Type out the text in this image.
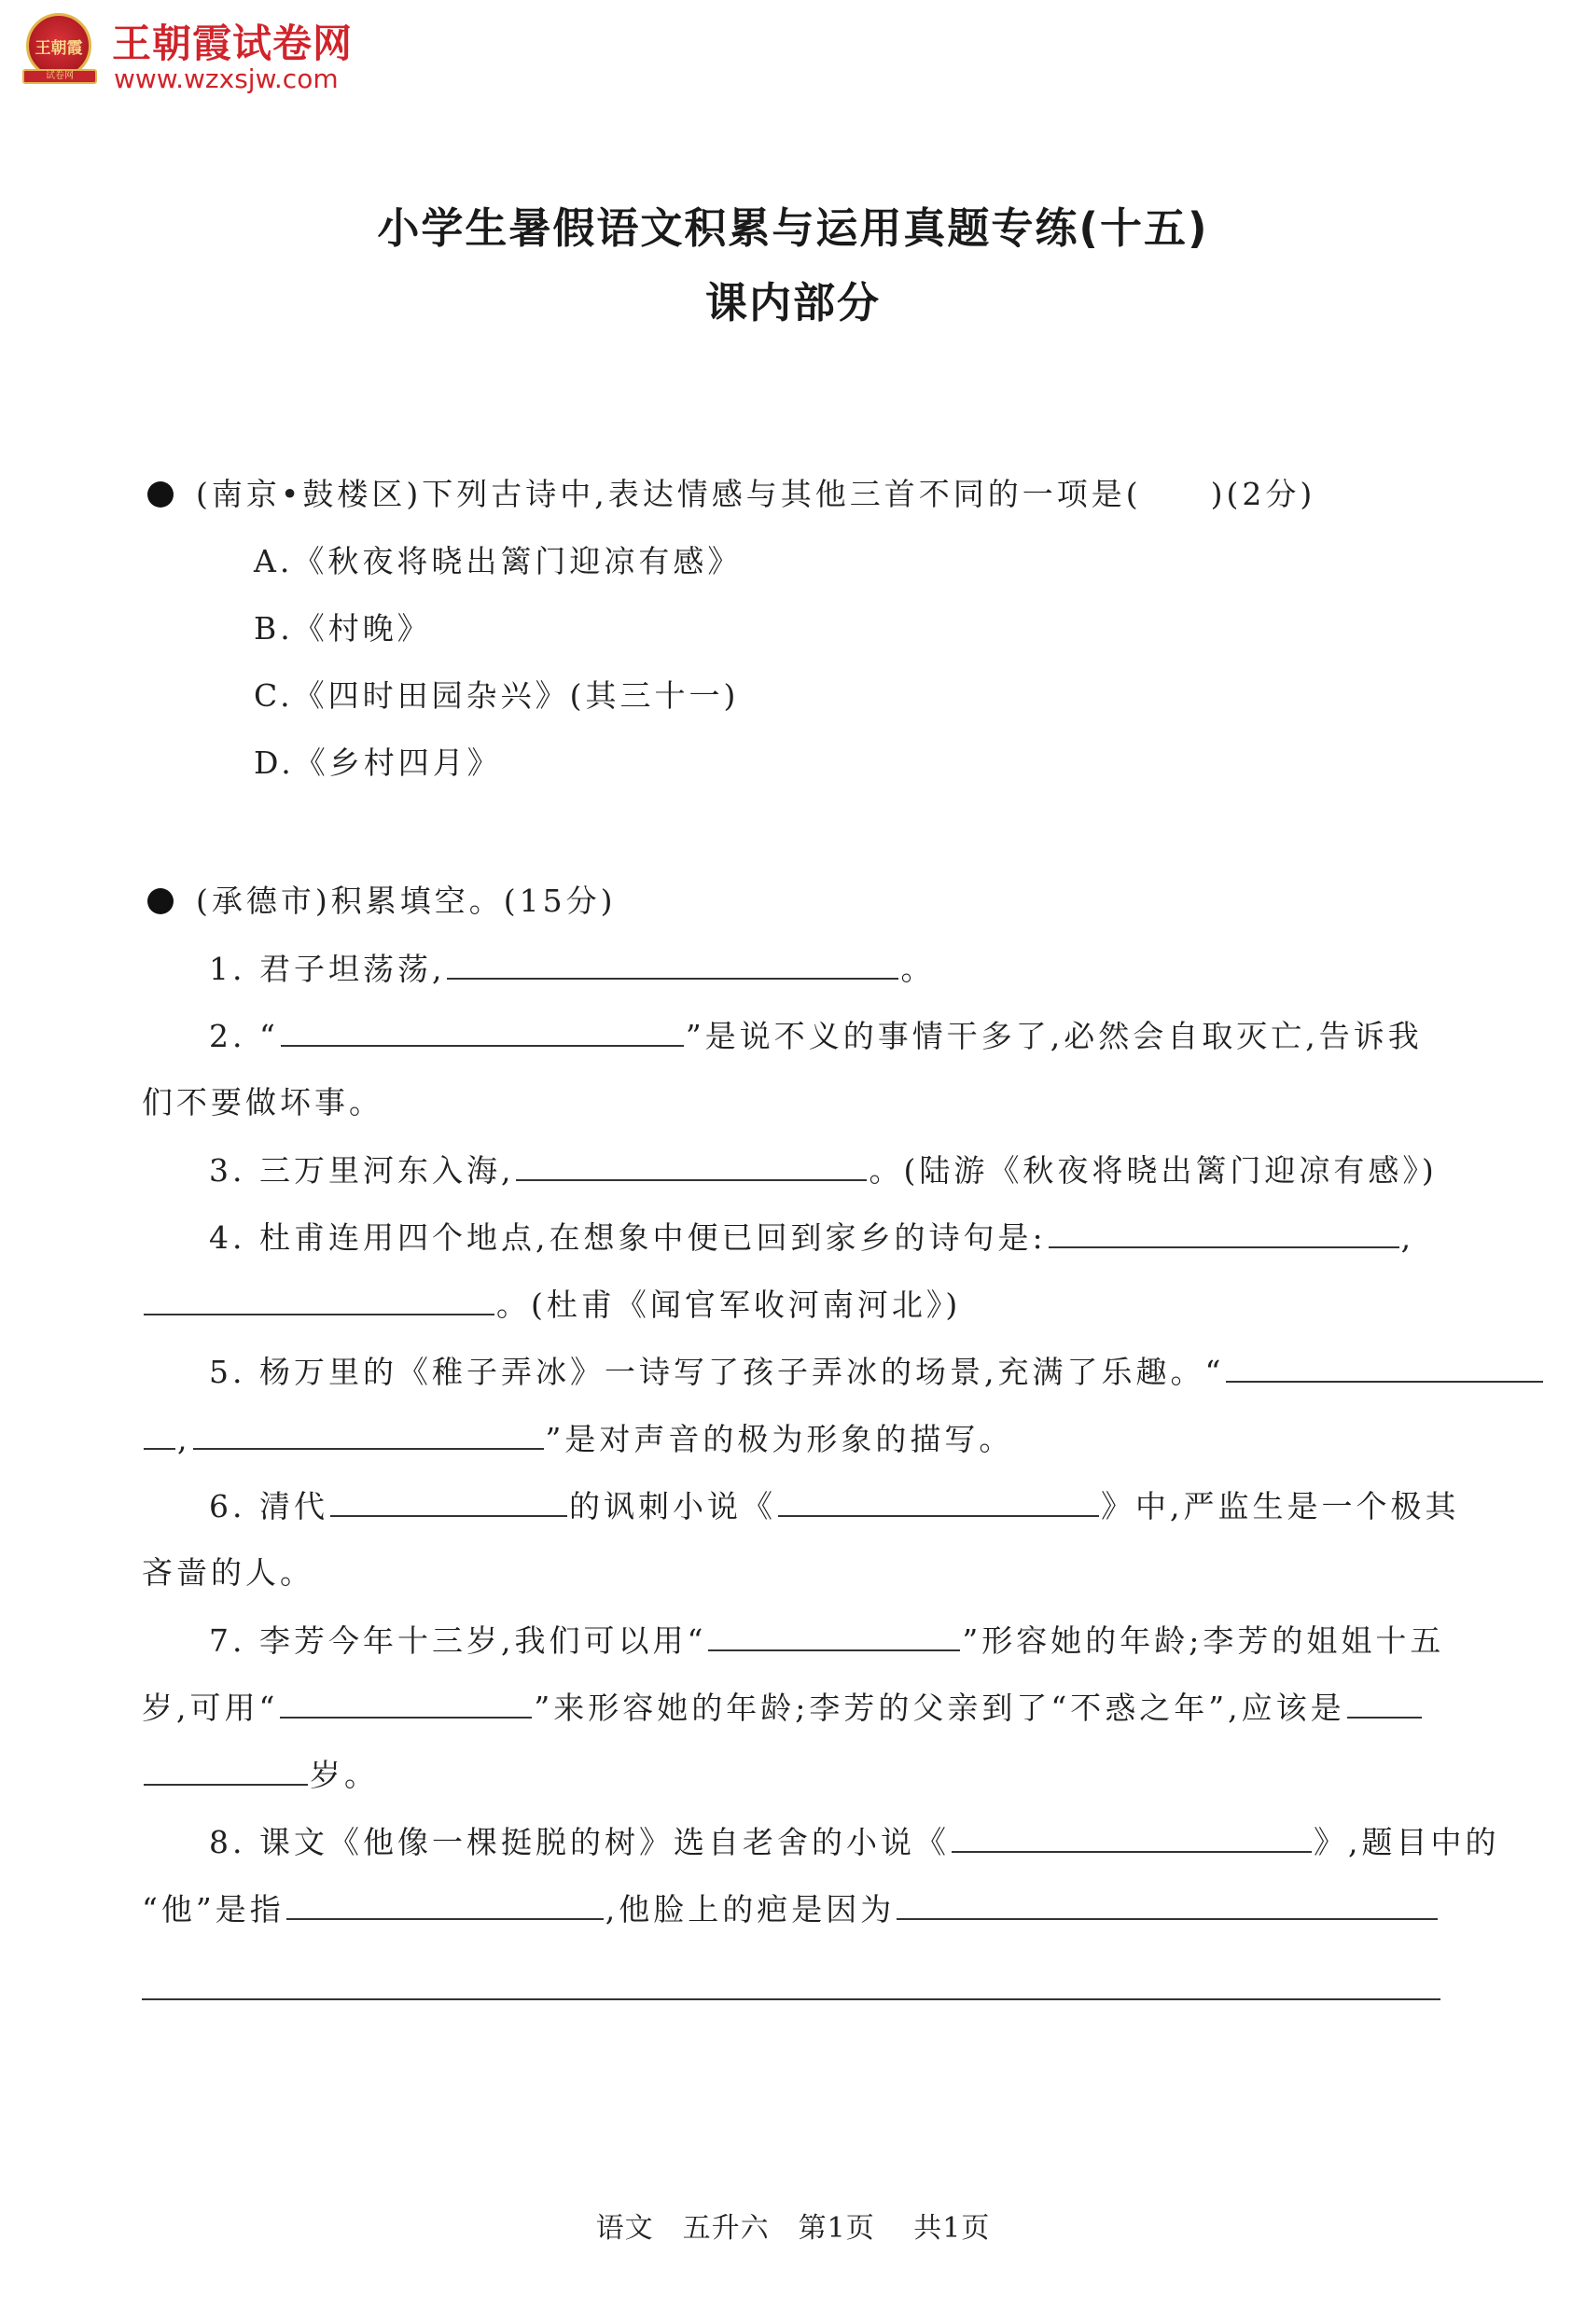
王朝霞
试卷网
王朝霞试卷网
www.wzxsjw.com
小学生暑假语文积累与运用真题专练(十五)
课内部分
(南京•鼓楼区)下列古诗中,表达情感与其他三首不同的一项是(　　)(2分)
A.《秋夜将晓出篱门迎凉有感》
B.《村晚》
C.《四时田园杂兴》(其三十一)
D.《乡村四月》
(承德市)积累填空。(15分)
1. 君子坦荡荡,	。
2. “	”是说不义的事情干多了,必然会自取灭亡,告诉我
们不要做坏事。
3. 三万里河东入海,	。(陆游《秋夜将晓出篱门迎凉有感》)
4. 杜甫连用四个地点,在想象中便已回到家乡的诗句是:	,
。(杜甫《闻官军收河南河北》)
5. 杨万里的《稚子弄冰》一诗写了孩子弄冰的场景,充满了乐趣。“
,	”是对声音的极为形象的描写。
6. 清代	的讽刺小说《	》中,严监生是一个极其
吝啬的人。
7. 李芳今年十三岁,我们可以用“	”形容她的年龄;李芳的姐姐十五
岁,可用“	”来形容她的年龄;李芳的父亲到了“不惑之年”,应该是
岁。
8. 课文《他像一棵挺脱的树》选自老舍的小说《	》,题目中的
“他”是指	,他脸上的疤是因为
语文　五升六　第1页　 共1页
